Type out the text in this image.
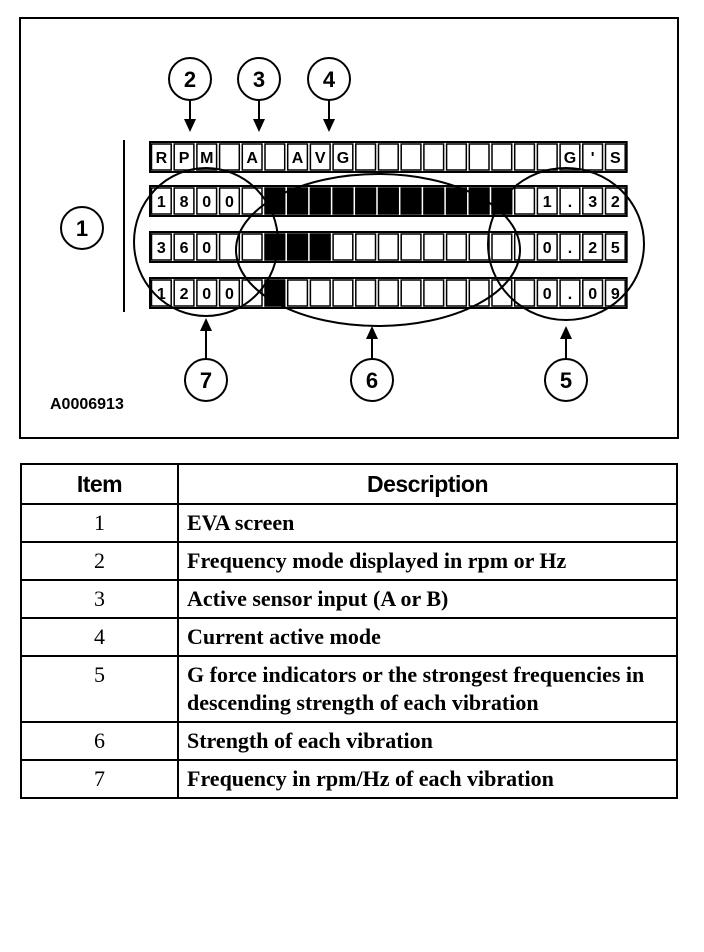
R P M A A V G	G ' S
1 8 0 0	1 . 3 2
3 6 0	0 . 2 5
1 2 0 0	0 . 0 9
1
2	3	4
7	6	5
A0006913
Item	Description
1	EVA screen
2	Frequency mode displayed in rpm or Hz
3	Active sensor input (A or B)
4	Current active mode
5	G force indicators or the strongest frequencies in descending strength of each vibration
6	Strength of each vibration
7	Frequency in rpm/Hz of each vibration
